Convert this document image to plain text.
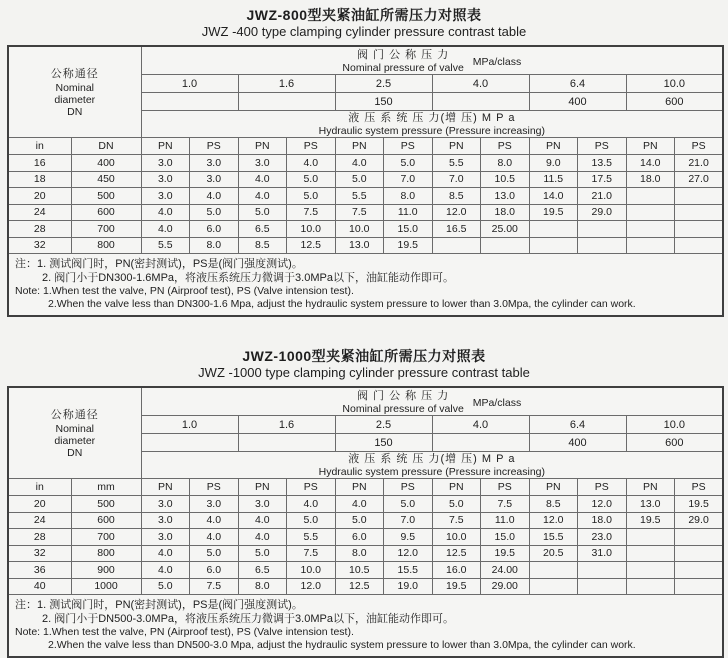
JWZ-800型夹紧油缸所需压力对照表
JWZ -400 type clamping cylinder pressure contrast table
公称通径
Nominal
diameter
DN

阀 门 公 称 压 力
Nominal pressure of valve MPa/class

		1.0		1.6		2.5		4.0		6.4		10.0	
						150				400		600	

		液 压 系 统 压 力(增 压) M P a
Hydraulic system pressure (Pressure increasing)											

in	DN	PN	PS	PN	PS	PN	PS	PN	PS	PN	PS	PN	PS
16	400	3.0	3.0	3.0	4.0	4.0	5.0	5.5	8.0	9.0	13.5	14.0	21.0
18	450	3.0	3.0	4.0	5.0	5.0	7.0	7.0	10.5	11.5	17.5	18.0	27.0
20	500	3.0	4.0	4.0	5.0	5.5	8.0	8.5	13.0	14.0	21.0		
24	600	4.0	5.0	5.0	7.5	7.5	11.0	12.0	18.0	19.5	29.0		
28	700	4.0	6.0	6.5	10.0	10.0	15.0	16.5	25.00				
32	800	5.5	8.0	8.5	12.5	13.0	19.5						

注：1. 测试阀门时，PN(密封测试)，PS是(阀门强度测试)。
2. 阀门小于DN300-1.6MPa，将液压系统压力微调于3.0MPa以下，油缸能动作即可。
Note: 1.When test the valve, PN (Airproof test), PS (Valve intension test).
2.When the valve less than DN300-1.6 Mpa, adjust the hydraulic system pressure to lower than 3.0Mpa, the cylinder can work.													
JWZ-1000型夹紧油缸所需压力对照表
JWZ -1000 type clamping cylinder pressure contrast table
公称通径
Nominal
diameter
DN

阀 门 公 称 压 力
Nominal pressure of valve MPa/class

		1.0		1.6		2.5		4.0		6.4		10.0	
						150				400		600	

		液 压 系 统 压 力(增 压) M P a
Hydraulic system pressure (Pressure increasing)											

in	mm	PN	PS	PN	PS	PN	PS	PN	PS	PN	PS	PN	PS
20	500	3.0	3.0	3.0	4.0	4.0	5.0	5.0	7.5	8.5	12.0	13.0	19.5
24	600	3.0	4.0	4.0	5.0	5.0	7.0	7.5	11.0	12.0	18.0	19.5	29.0
28	700	3.0	4.0	4.0	5.5	6.0	9.5	10.0	15.0	15.5	23.0		
32	800	4.0	5.0	5.0	7.5	8.0	12.0	12.5	19.5	20.5	31.0		
36	900	4.0	6.0	6.5	10.0	10.5	15.5	16.0	24.00				
40	1000	5.0	7.5	8.0	12.0	12.5	19.0	19.5	29.00				

注：1. 测试阀门时，PN(密封测试)，PS是(阀门强度测试)。
2. 阀门小于DN500-3.0MPa，将液压系统压力微调于3.0MPa以下，油缸能动作即可。
Note: 1.When test the valve, PN (Airproof test), PS (Valve intension test).
2.When the valve less than DN500-3.0 Mpa, adjust the hydraulic system pressure to lower than 3.0Mpa, the cylinder can work.													
